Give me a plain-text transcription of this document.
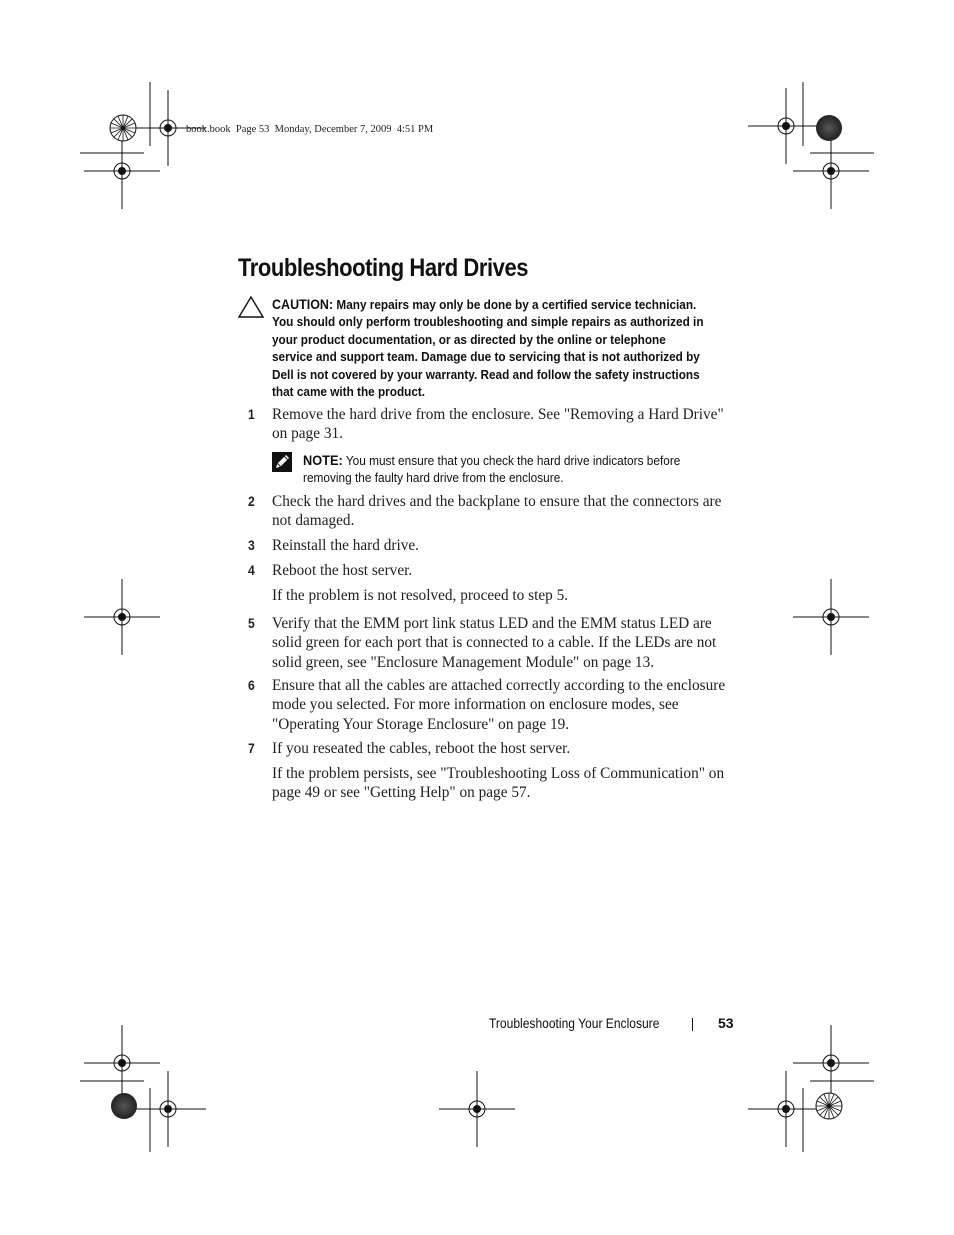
book.book Page 53 Monday, December 7, 2009 4:51 PM
Troubleshooting Hard Drives
CAUTION: Many repairs may only be done by a certified service technician. You should only perform troubleshooting and simple repairs as authorized in your product documentation, or as directed by the online or telephone service and support team. Damage due to servicing that is not authorized by Dell is not covered by your warranty. Read and follow the safety instructions that came with the product.
1 Remove the hard drive from the enclosure. See "Removing a Hard Drive" on page 31.
NOTE: You must ensure that you check the hard drive indicators before removing the faulty hard drive from the enclosure.
2 Check the hard drives and the backplane to ensure that the connectors are not damaged.
3 Reinstall the hard drive.
4 Reboot the host server.
If the problem is not resolved, proceed to step 5.
5 Verify that the EMM port link status LED and the EMM status LED are solid green for each port that is connected to a cable. If the LEDs are not solid green, see "Enclosure Management Module" on page 13.
6 Ensure that all the cables are attached correctly according to the enclosure mode you selected. For more information on enclosure modes, see "Operating Your Storage Enclosure" on page 19.
7 If you reseated the cables, reboot the host server.
If the problem persists, see "Troubleshooting Loss of Communication" on page 49 or see "Getting Help" on page 57.
Troubleshooting Your Enclosure	53
